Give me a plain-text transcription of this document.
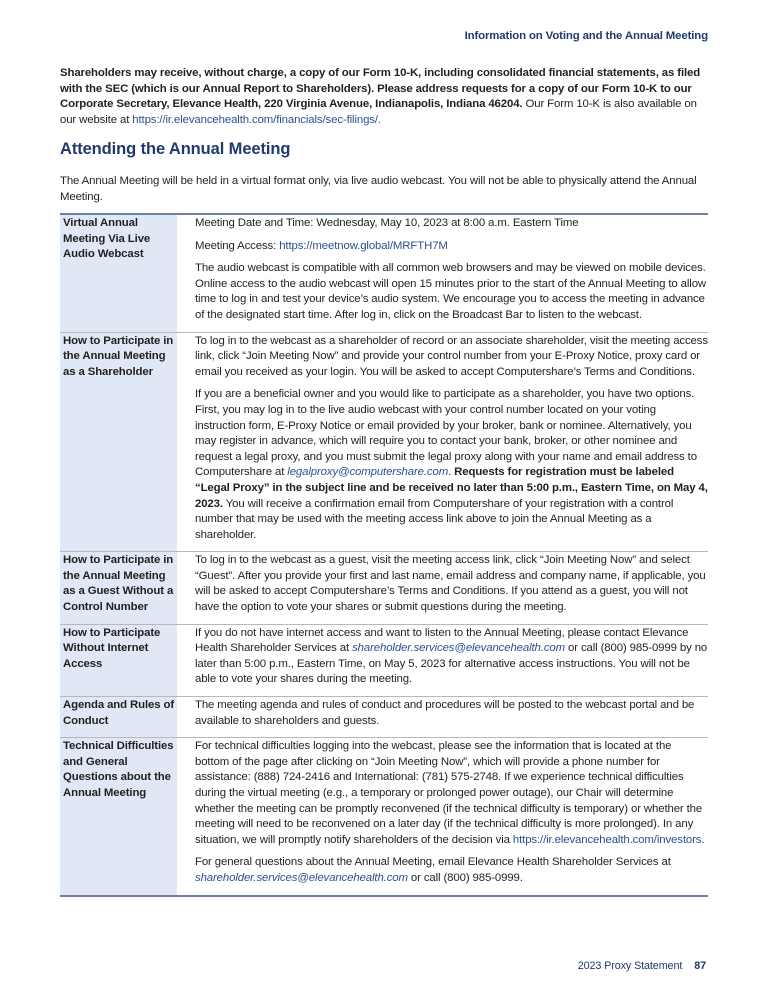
Information on Voting and the Annual Meeting
Shareholders may receive, without charge, a copy of our Form 10-K, including consolidated financial statements, as filed with the SEC (which is our Annual Report to Shareholders). Please address requests for a copy of our Form 10-K to our Corporate Secretary, Elevance Health, 220 Virginia Avenue, Indianapolis, Indiana 46204. Our Form 10-K is also available on our website at https://ir.elevancehealth.com/financials/sec-filings/.
Attending the Annual Meeting
The Annual Meeting will be held in a virtual format only, via live audio webcast. You will not be able to physically attend the Annual Meeting.
Virtual Annual Meeting Via Live Audio Webcast

Meeting Date and Time: Wednesday, May 10, 2023 at 8:00 a.m. Eastern Time

Meeting Access: https://meetnow.global/MRFTH7M

The audio webcast is compatible with all common web browsers and may be viewed on mobile devices. Online access to the audio webcast will open 15 minutes prior to the start of the Annual Meeting to allow time to log in and test your device’s audio system. We encourage you to access the meeting in advance of the designated start time. After log in, click on the Broadcast Bar to listen to the webcast.

How to Participate in the Annual Meeting as a Shareholder

To log in to the webcast as a shareholder of record or an associate shareholder, visit the meeting access link, click “Join Meeting Now” and provide your control number from your E-Proxy Notice, proxy card or email you received as your login. You will be asked to accept Computershare’s Terms and Conditions.

If you are a beneficial owner and you would like to participate as a shareholder, you have two options. First, you may log in to the live audio webcast with your control number located on your voting instruction form, E-Proxy Notice or email provided by your broker, bank or nominee. Alternatively, you may register in advance, which will require you to contact your bank, broker, or other nominee and request a legal proxy, and you must submit the legal proxy along with your name and email address to Computershare at legalproxy@computershare.com. Requests for registration must be labeled “Legal Proxy” in the subject line and be received no later than 5:00 p.m., Eastern Time, on May 4, 2023. You will receive a confirmation email from Computershare of your registration with a control number that may be used with the meeting access link above to join the Annual Meeting as a shareholder.

How to Participate in the Annual Meeting as a Guest Without a Control Number

To log in to the webcast as a guest, visit the meeting access link, click “Join Meeting Now” and select “Guest”. After you provide your first and last name, email address and company name, if applicable, you will be asked to accept Computershare’s Terms and Conditions. If you attend as a guest, you will not have the option to vote your shares or submit questions during the meeting.

How to Participate Without Internet Access

If you do not have internet access and want to listen to the Annual Meeting, please contact Elevance Health Shareholder Services at shareholder.services@elevancehealth.com or call (800) 985-0999 by no later than 5:00 p.m., Eastern Time, on May 5, 2023 for alternative access instructions. You will not be able to vote your shares during the meeting.

Agenda and Rules of Conduct

The meeting agenda and rules of conduct and procedures will be posted to the webcast portal and be available to shareholders and guests.

Technical Difficulties and General Questions about the Annual Meeting

For technical difficulties logging into the webcast, please see the information that is located at the bottom of the page after clicking on “Join Meeting Now”, which will provide a phone number for assistance: (888) 724-2416 and International: (781) 575-2748. If we experience technical difficulties during the virtual meeting (e.g., a temporary or prolonged power outage), our Chair will determine whether the meeting can be promptly reconvened (if the technical difficulty is temporary) or whether the meeting will need to be reconvened on a later day (if the technical difficulty is more prolonged). In any situation, we will promptly notify shareholders of the decision via https://ir.elevancehealth.com/investors.

For general questions about the Annual Meeting, email Elevance Health Shareholder Services at shareholder.services@elevancehealth.com or call (800) 985-0999.

2023 Proxy Statement 87
